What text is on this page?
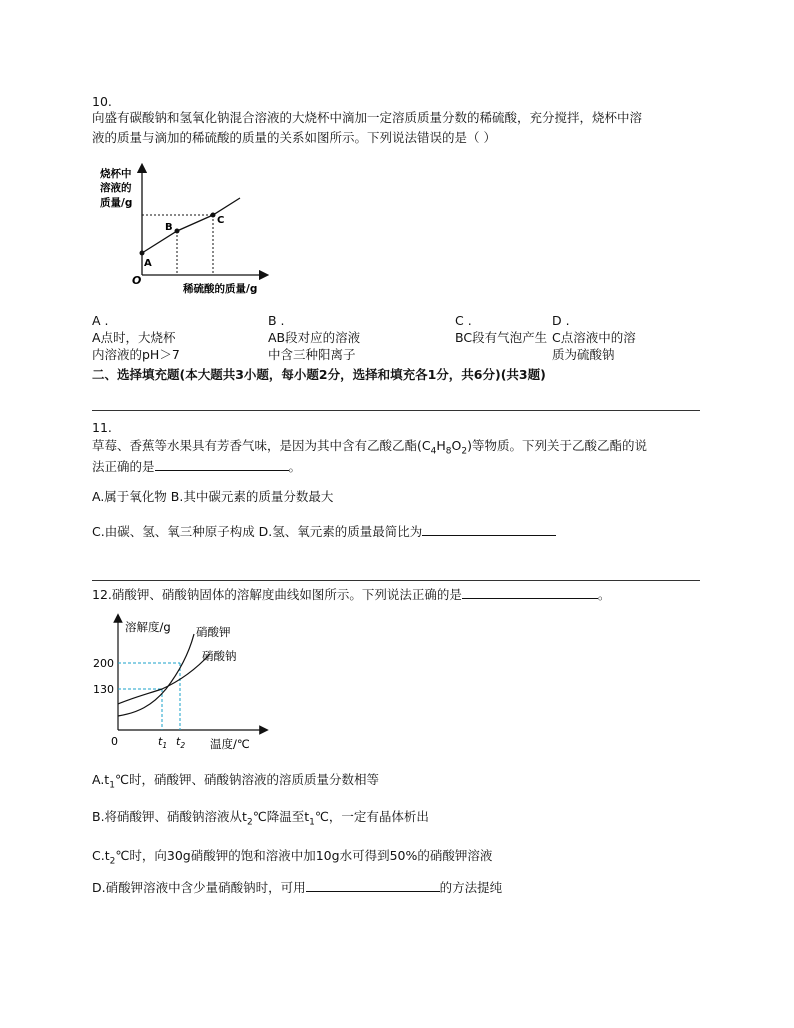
10.
向盛有碳酸钠和氢氧化钠混合溶液的大烧杯中滴加一定溶质质量分数的稀硫酸，充分搅拌，烧杯中溶
液的质量与滴加的稀硫酸的质量的关系如图所示。下列说法错误的是（ ）
烧杯中
溶液的
质量/g
稀硫酸的质量/g
O
A
B
C
A .
A点时，大烧杯内溶液的pH＞7
B .
AB段对应的溶液中含三种阳离子
C .
BC段有气泡产生
D .
C点溶液中的溶质为硫酸钠
二、选择填充题(本大题共3小题，每小题2分，选择和填充各1分，共6分)(共3题)
11.
草莓、香蕉等水果具有芳香气味，是因为其中含有乙酸乙酯$(C_4H_8O_2)$等物质。下列关于乙酸乙酯的说
法正确的是	。
A.属于氧化物 B.其中碳元素的质量分数最大
C.由碳、氢、氧三种原子构成 D.氢、氧元素的质量最简比为
12.硝酸钾、硝酸钠固体的溶解度曲线如图所示。下列说法正确的是	。
溶解度/g 硝酸钾
硝酸钠
200
130
0	$t_1$ $t_2$ 温度/℃
$A.t_1℃$时，硝酸钾、硝酸钠溶液的溶质质量分数相等
B.将硝酸钾、硝酸钠溶液从$t_2℃$降温至$t_1℃$，一定有晶体析出
$C.t_2℃$时，向30g硝酸钾的饱和溶液中加10g水可得到50%的硝酸钾溶液
D.硝酸钾溶液中含少量硝酸钠时，可用	的方法提纯
